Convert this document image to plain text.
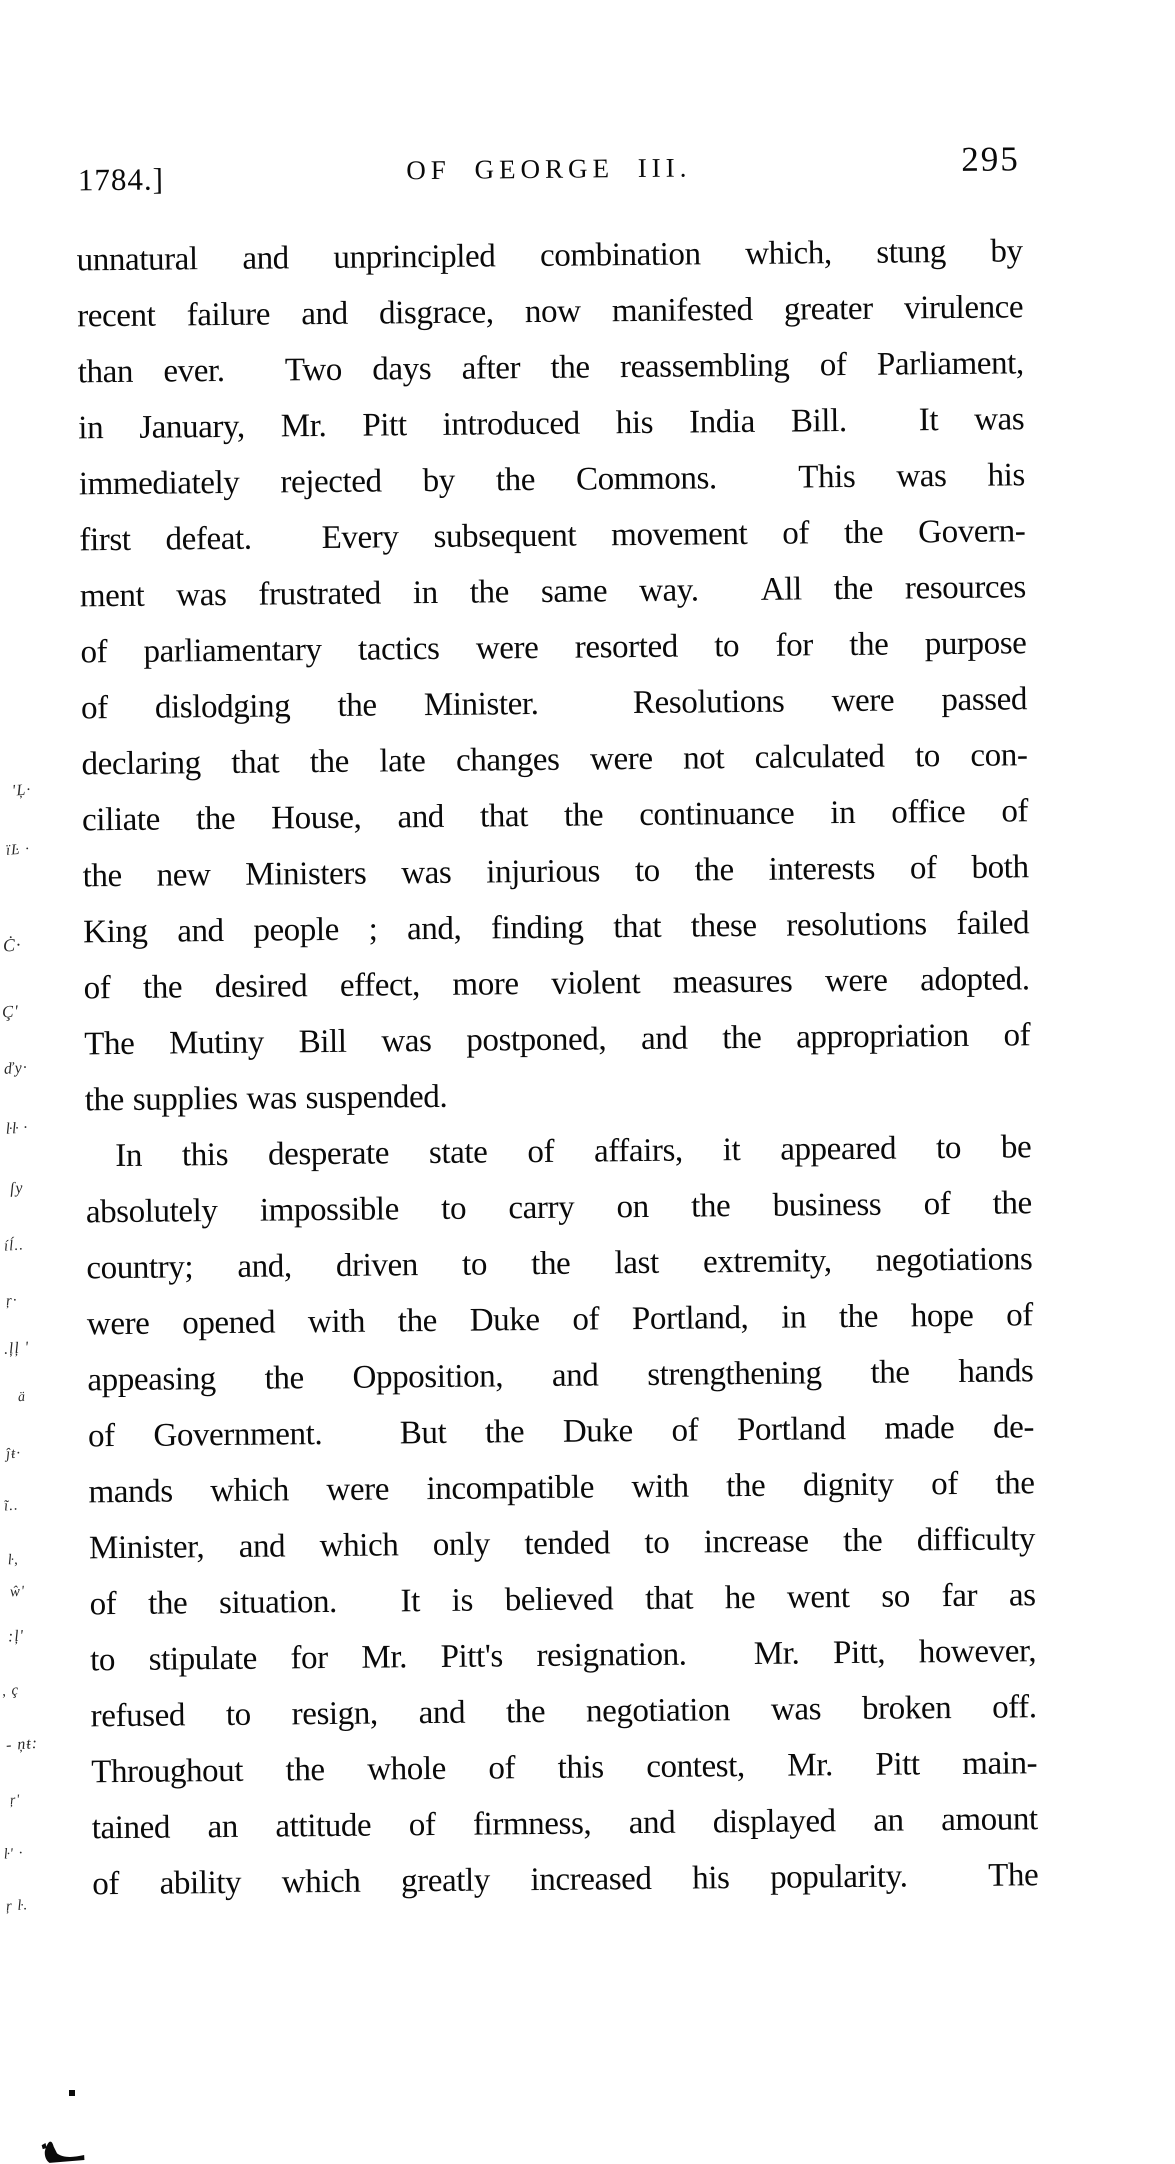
1784.]	OF GEORGE III.	295
unnatural and unprincipled combination which, stung by
recent failure and disgrace, now manifested greater virulence
than ever.  Two days after the reassembling of Parliament,
in January, Mr. Pitt introduced his India Bill.  It was
immediately rejected by the Commons.  This was his
first defeat.  Every subsequent movement of the Govern-
ment was frustrated in the same way.  All the resources
of parliamentary tactics were resorted to for the purpose
of dislodging the Minister.  Resolutions were passed
declaring that the late changes were not calculated to con-
ciliate the House, and that the continuance in office of
the new Ministers was injurious to the interests of both
King and people ; and, finding that these resolutions failed
of the desired effect, more violent measures were adopted.
The Mutiny Bill was postponed, and the appropriation of
the supplies was suspended.
In this desperate state of affairs, it appeared to be
absolutely impossible to carry on the business of the
country; and, driven to the last extremity, negotiations
were opened with the Duke of Portland, in the hope of
appeasing the Opposition, and strengthening the hands
of Government.  But the Duke of Portland made de-
mands which were incompatible with the dignity of the
Minister, and which only tended to increase the difficulty
of the situation.  It is believed that he went so far as
to stipulate for Mr. Pitt's resignation.  Mr. Pitt, however,
refused to resign, and the negotiation was broken off.
Throughout the whole of this contest, Mr. Pitt main-
tained an attitude of firmness, and displayed an amount
of ability which greatly increased his popularity.  The
'Ļ·
ïĿ ·
Ċ·
Ç'
ďy·
ŀŀ ·
ſy
íĺ..
ŗ·
.ļļ '
ä
ĵŧ·
ĩ..
ŀ,
ŵ'
:ļ'
, ç
- ņŧ:
ŗ'
ŀ' ·
ŗ ŀ.
